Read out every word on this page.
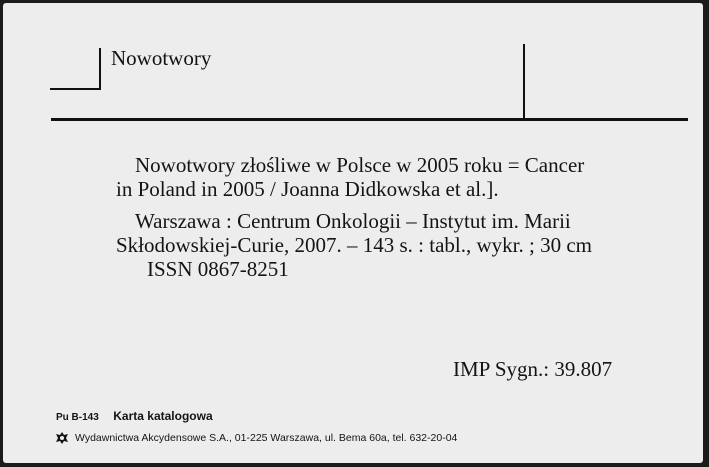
Nowotwory
Nowotwory złośliwe w Polsce w 2005 roku = Cancer
in Poland in 2005 / Joanna Didkowska et al.].
Warszawa : Centrum Onkologii – Instytut im. Marii
Skłodowskiej-Curie, 2007. – 143 s. : tabl., wykr. ; 30 cm
ISSN 0867-8251
IMP Sygn.: 39.807
Pu B-143 Karta katalogowa
Wydawnictwa Akcydensowe S.A., 01-225 Warszawa, ul. Bema 60a, tel. 632-20-04
